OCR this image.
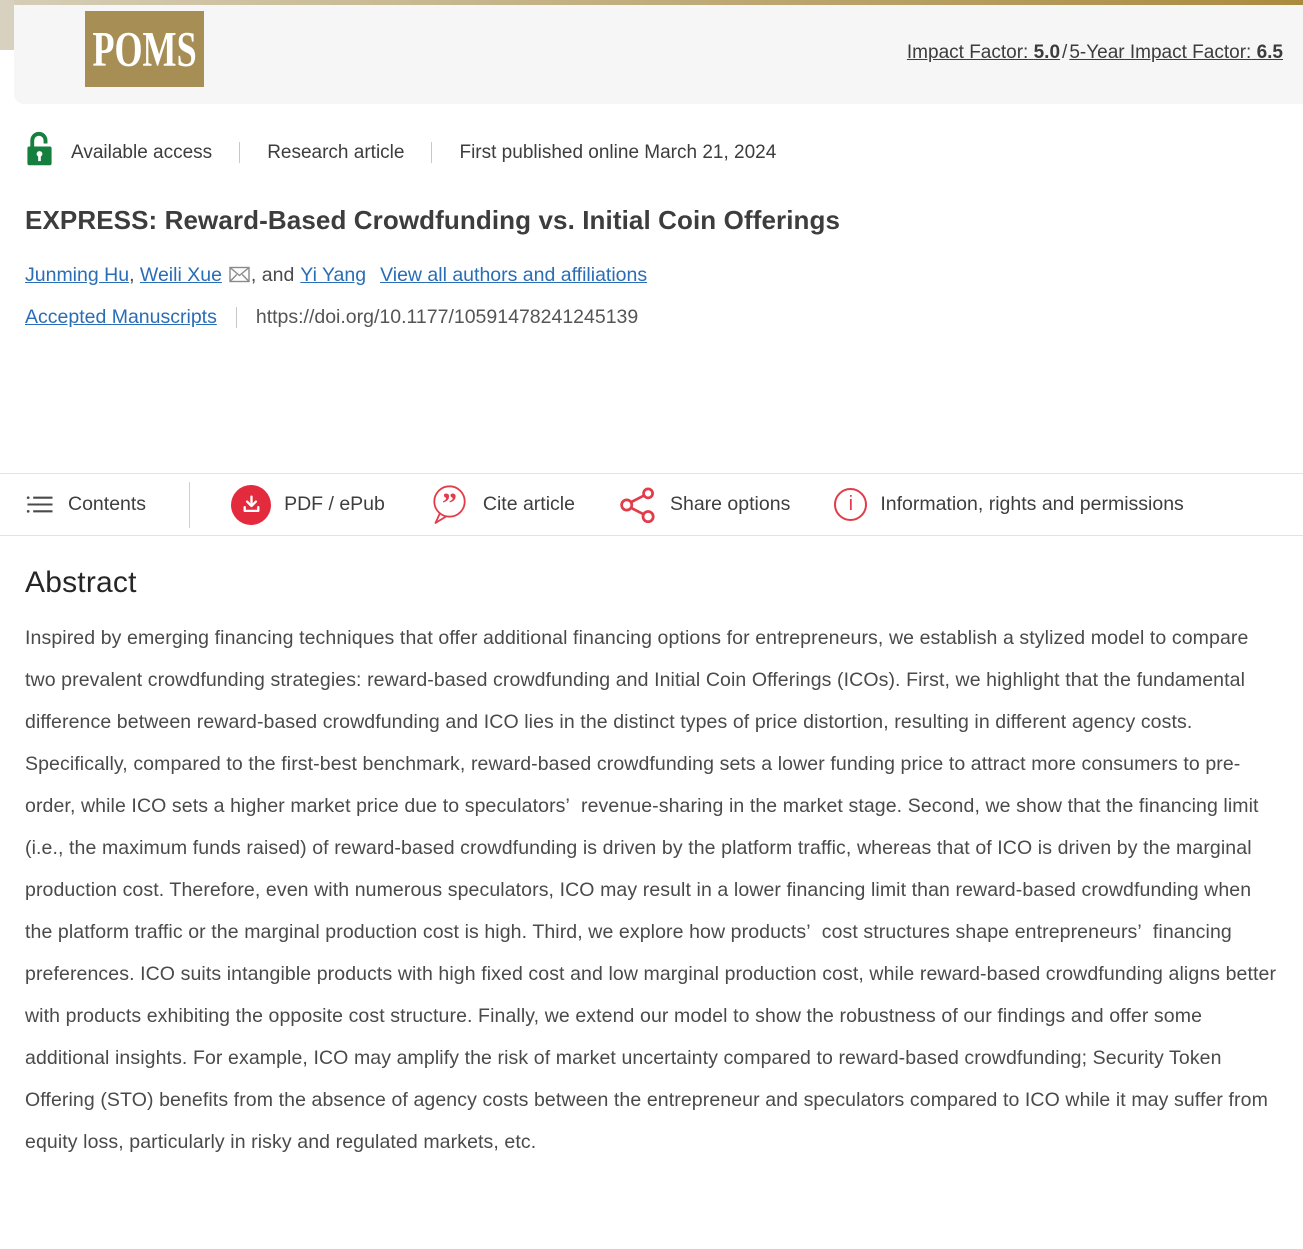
POMS	Impact Factor: 5.0 / 5-Year Impact Factor: 6.5
Available access	Research article	First published online March 21, 2024
EXPRESS: Reward-Based Crowdfunding vs. Initial Coin Offerings
Junming Hu ,
Weili Xue , and Yi Yang View all authors and affiliations
Accepted Manuscripts https://doi.org/10.1177/10591478241245139
Contents	PDF / ePub ” Cite article	Share options	i	Information, rights and permissions
Abstract

Inspired by emerging financing techniques that offer additional financing options for entrepreneurs, we establish a stylized model to compare two prevalent crowdfunding strategies: reward-based crowdfunding and Initial Coin Offerings (ICOs). First, we highlight that the fundamental difference between reward-based crowdfunding and ICO lies in the distinct types of price distortion, resulting in different agency costs. Specifically, compared to the first-best benchmark, reward-based crowdfunding sets a lower funding price to attract more consumers to pre-order, while ICO sets a higher market price due to speculators’  revenue-sharing in the market stage. Second, we show that the financing limit (i.e., the maximum funds raised) of reward-based crowdfunding is driven by the platform traffic, whereas that of ICO is driven by the marginal production cost. Therefore, even with numerous speculators, ICO may result in a lower financing limit than reward-based crowdfunding when the platform traffic or the marginal production cost is high. Third, we explore how products’  cost structures shape entrepreneurs’  financing preferences. ICO suits intangible products with high fixed cost and low marginal production cost, while reward-based crowdfunding aligns better with products exhibiting the opposite cost structure. Finally, we extend our model to show the robustness of our findings and offer some additional insights. For example, ICO may amplify the risk of market uncertainty compared to reward-based crowdfunding; Security Token Offering (STO) benefits from the absence of agency costs between the entrepreneur and speculators compared to ICO while it may suffer from equity loss, particularly in risky and regulated markets, etc.
